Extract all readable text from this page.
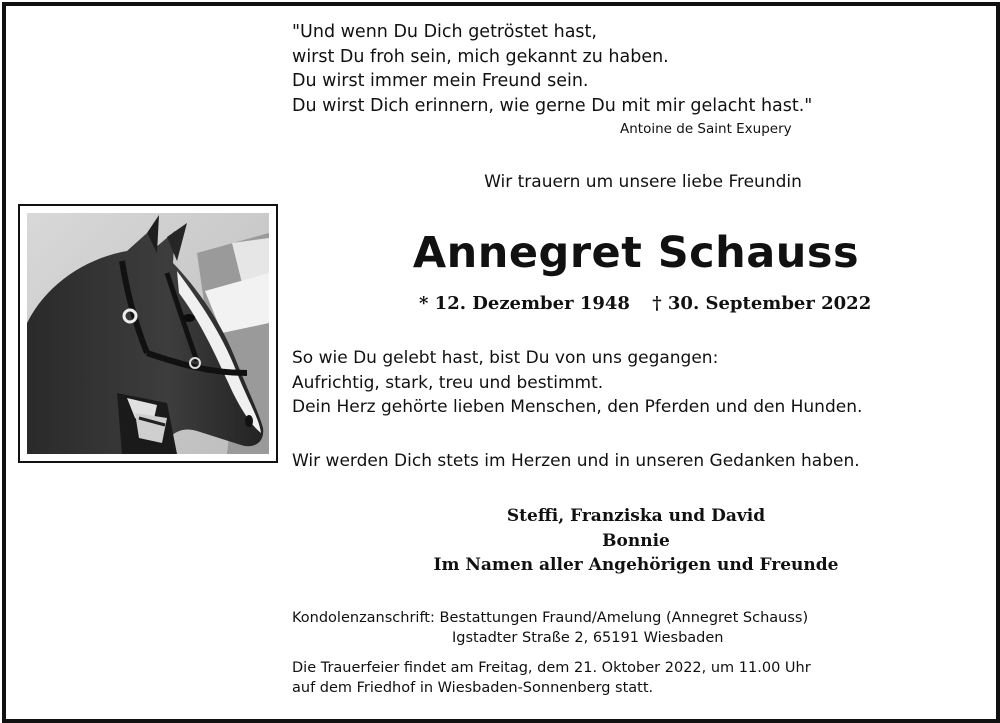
"Und wenn Du Dich getröstet hast,
wirst Du froh sein, mich gekannt zu haben.
Du wirst immer mein Freund sein.
Du wirst Dich erinnern, wie gerne Du mit mir gelacht hast."
Antoine de Saint Exupery
Wir trauern um unsere liebe Freundin
Annegret Schauss
* 12. Dezember 1948 † 30. September 2022
So wie Du gelebt hast, bist Du von uns gegangen:
Aufrichtig, stark, treu und bestimmt.
Dein Herz gehörte lieben Menschen, den Pferden und den Hunden.
Wir werden Dich stets im Herzen und in unseren Gedanken haben.
Steffi, Franziska und David
Bonnie
Im Namen aller Angehörigen und Freunde
Kondolenzanschrift: Bestattungen Fraund/Amelung (Annegret Schauss)
Igstadter Straße 2, 65191 Wiesbaden
Die Trauerfeier findet am Freitag, dem 21. Oktober 2022, um 11.00 Uhr
auf dem Friedhof in Wiesbaden-Sonnenberg statt.
